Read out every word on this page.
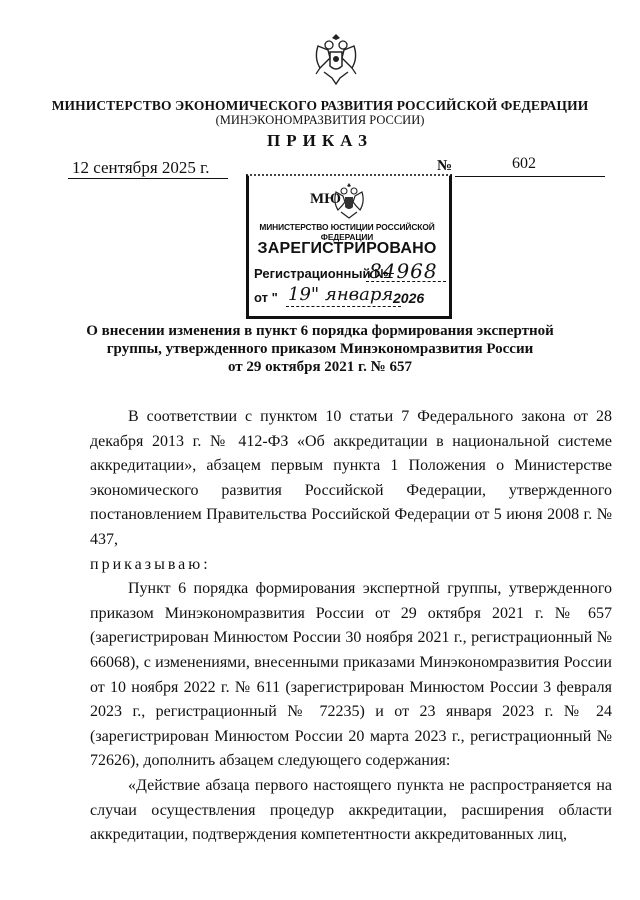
МИНИСТЕРСТВО ЭКОНОМИЧЕСКОГО РАЗВИТИЯ РОССИЙСКОЙ ФЕДЕРАЦИИ
(МИНЭКОНОМРАЗВИТИЯ РОССИИ)
ПРИКАЗ
12 сентября 2025 г.	№	602
МЮ
МИНИСТЕРСТВО ЮСТИЦИИ РОССИЙСКОЙ ФЕДЕРАЦИИ
ЗАРЕГИСТРИРОВАНО
Регистрационный №
84968
от " 19" января 2026
О внесении изменения в пункт 6 порядка формирования экспертной
группы, утвержденного приказом Минэкономразвития России
от 29 октября 2021 г. № 657

В соответствии с пунктом 10 статьи 7 Федерального закона от 28 декабря 2013 г. № 412-ФЗ «Об аккредитации в национальной системе аккредитации», абзацем первым пункта 1 Положения о Министерстве экономического развития Российской Федерации, утвержденного постановлением Правительства Российской Федерации от 5 июня 2008 г. № 437,

приказываю:

Пункт 6 порядка формирования экспертной группы, утвержденного приказом Минэкономразвития России от 29 октября 2021 г. № 657 (зарегистрирован Минюстом России 30 ноября 2021 г., регистрационный № 66068), с изменениями, внесенными приказами Минэкономразвития России от 10 ноября 2022 г. № 611 (зарегистрирован Минюстом России 3 февраля 2023 г., регистрационный № 72235) и от 23 января 2023 г. № 24 (зарегистрирован Минюстом России 20 марта 2023 г., регистрационный № 72626), дополнить абзацем следующего содержания:

«Действие абзаца первого настоящего пункта не распространяется на случаи осуществления процедур аккредитации, расширения области аккредитации, подтверждения компетентности аккредитованных лиц,
